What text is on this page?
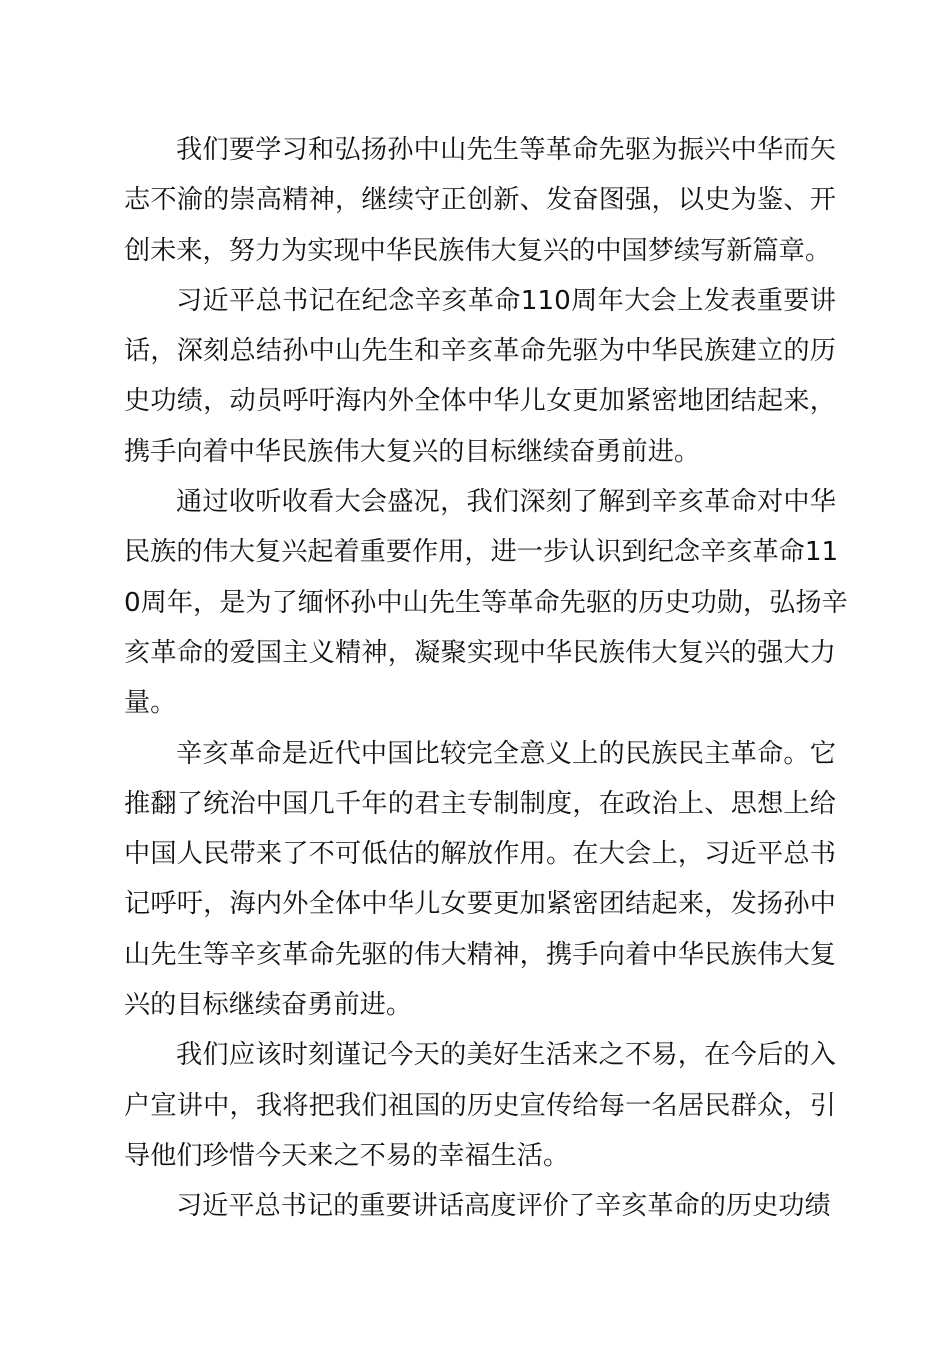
我们要学习和弘扬孙中山先生等革命先驱为振兴中华而矢
志不渝的崇高精神，继续守正创新、发奋图强，以史为鉴、开
创未来，努力为实现中华民族伟大复兴的中国梦续写新篇章。
习近平总书记在纪念辛亥革命110周年大会上发表重要讲
话，深刻总结孙中山先生和辛亥革命先驱为中华民族建立的历
史功绩，动员呼吁海内外全体中华儿女更加紧密地团结起来，
携手向着中华民族伟大复兴的目标继续奋勇前进。
通过收听收看大会盛况，我们深刻了解到辛亥革命对中华
民族的伟大复兴起着重要作用，进一步认识到纪念辛亥革命11
0周年，是为了缅怀孙中山先生等革命先驱的历史功勋，弘扬辛
亥革命的爱国主义精神，凝聚实现中华民族伟大复兴的强大力
量。
辛亥革命是近代中国比较完全意义上的民族民主革命。它
推翻了统治中国几千年的君主专制制度，在政治上、思想上给
中国人民带来了不可低估的解放作用。在大会上，习近平总书
记呼吁，海内外全体中华儿女要更加紧密团结起来，发扬孙中
山先生等辛亥革命先驱的伟大精神，携手向着中华民族伟大复
兴的目标继续奋勇前进。
我们应该时刻谨记今天的美好生活来之不易，在今后的入
户宣讲中，我将把我们祖国的历史宣传给每一名居民群众，引
导他们珍惜今天来之不易的幸福生活。
习近平总书记的重要讲话高度评价了辛亥革命的历史功绩
